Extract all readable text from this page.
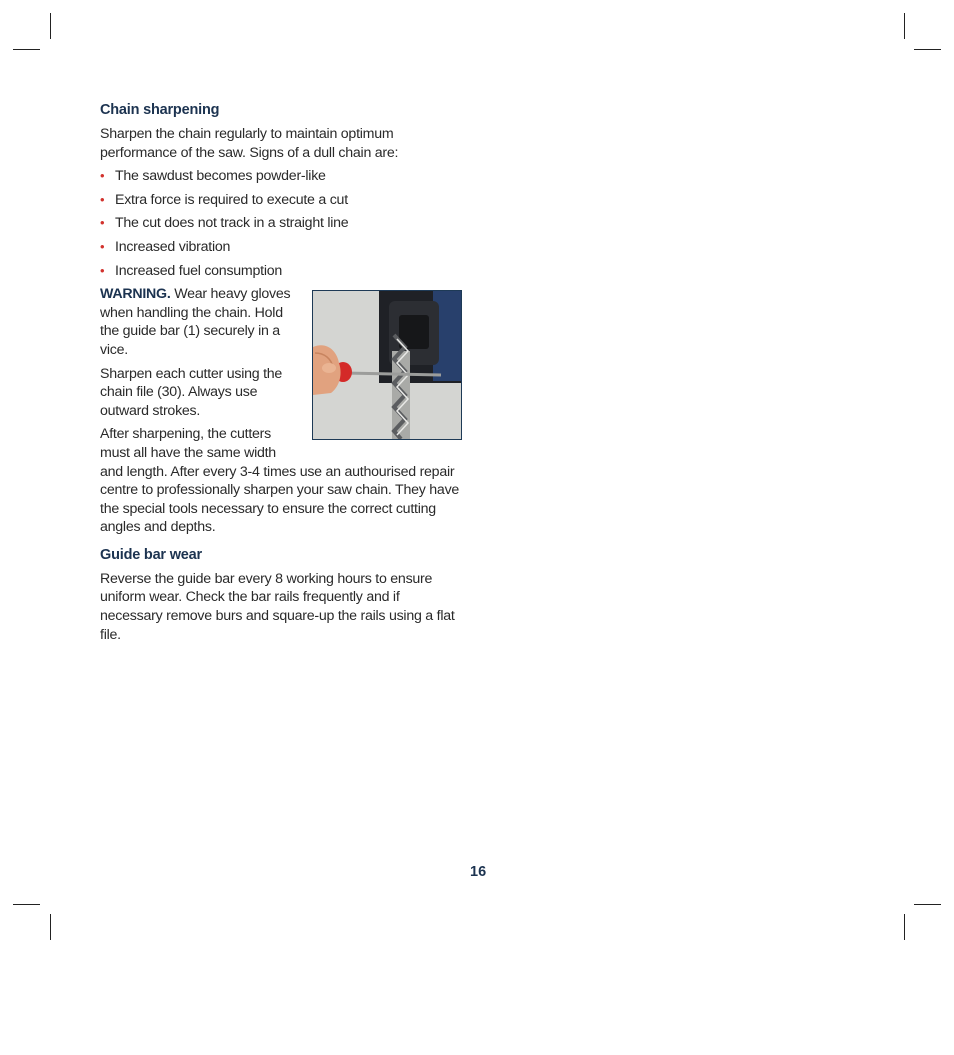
Chain sharpening

Sharpen the chain regularly to maintain optimum performance of the saw. Signs of a dull chain are:

• The sawdust becomes powder-like
• Extra force is required to execute a cut
• The cut does not track in a straight line
• Increased vibration
• Increased fuel consumption

WARNING. Wear heavy gloves when handling the chain. Hold the guide bar (1) securely in a vice.

Sharpen each cutter using the chain file (30). Always use outward strokes.

After sharpening, the cutters must all have the same width and length. After every 3-4 times use an authourised repair centre to professionally sharpen your saw chain. They have the special tools necessary to ensure the correct cutting angles and depths.

Guide bar wear

Reverse the guide bar every 8 working hours to ensure uniform wear. Check the bar rails frequently and if necessary remove burs and square-up the rails using a flat file.

16
